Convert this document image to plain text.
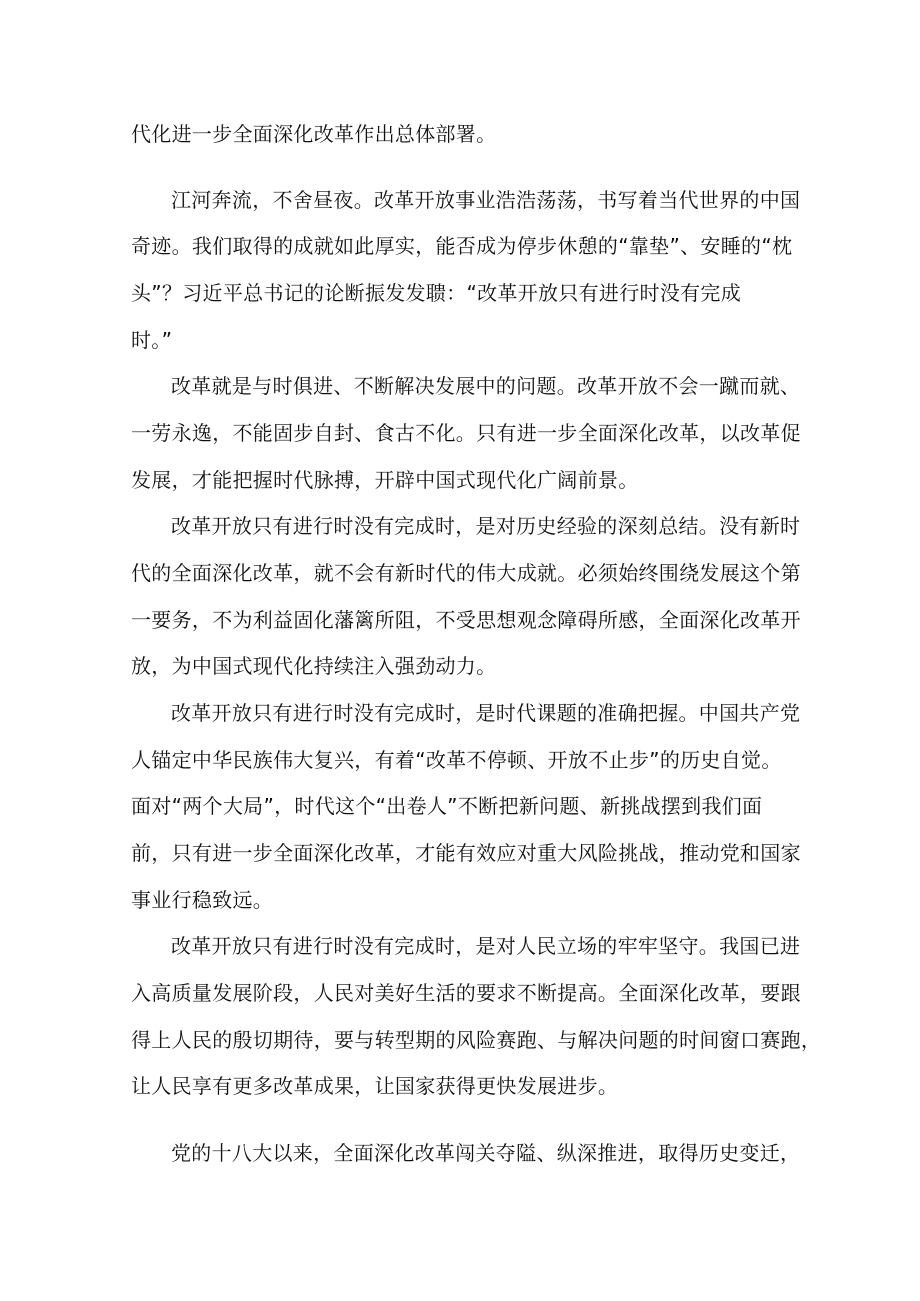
代化进一步全面深化改革作出总体部署。
江河奔流，不舍昼夜。改革开放事业浩浩荡荡，书写着当代世界的中国
奇迹。我们取得的成就如此厚实，能否成为停步休憩的“靠垫”、安睡的“枕
头”？习近平总书记的论断振发发聩：“改革开放只有进行时没有完成
时。”
改革就是与时俱进、不断解决发展中的问题。改革开放不会一蹴而就、
一劳永逸，不能固步自封、食古不化。只有进一步全面深化改革，以改革促
发展，才能把握时代脉搏，开辟中国式现代化广阔前景。
改革开放只有进行时没有完成时，是对历史经验的深刻总结。没有新时
代的全面深化改革，就不会有新时代的伟大成就。必须始终围绕发展这个第
一要务，不为利益固化藩篱所阻，不受思想观念障碍所感，全面深化改革开
放，为中国式现代化持续注入强劲动力。
改革开放只有进行时没有完成时，是时代课题的准确把握。中国共产党
人锚定中华民族伟大复兴，有着“改革不停顿、开放不止步”的历史自觉。
面对“两个大局”，时代这个“出卷人”不断把新问题、新挑战摆到我们面
前，只有进一步全面深化改革，才能有效应对重大风险挑战，推动党和国家
事业行稳致远。
改革开放只有进行时没有完成时，是对人民立场的牢牢坚守。我国已进
入高质量发展阶段，人民对美好生活的要求不断提高。全面深化改革，要跟
得上人民的殷切期待，要与转型期的风险赛跑、与解决问题的时间窗口赛跑，
让人民享有更多改革成果，让国家获得更快发展进步。
党的十八大以来，全面深化改革闯关夺隘、纵深推进，取得历史变迁，
